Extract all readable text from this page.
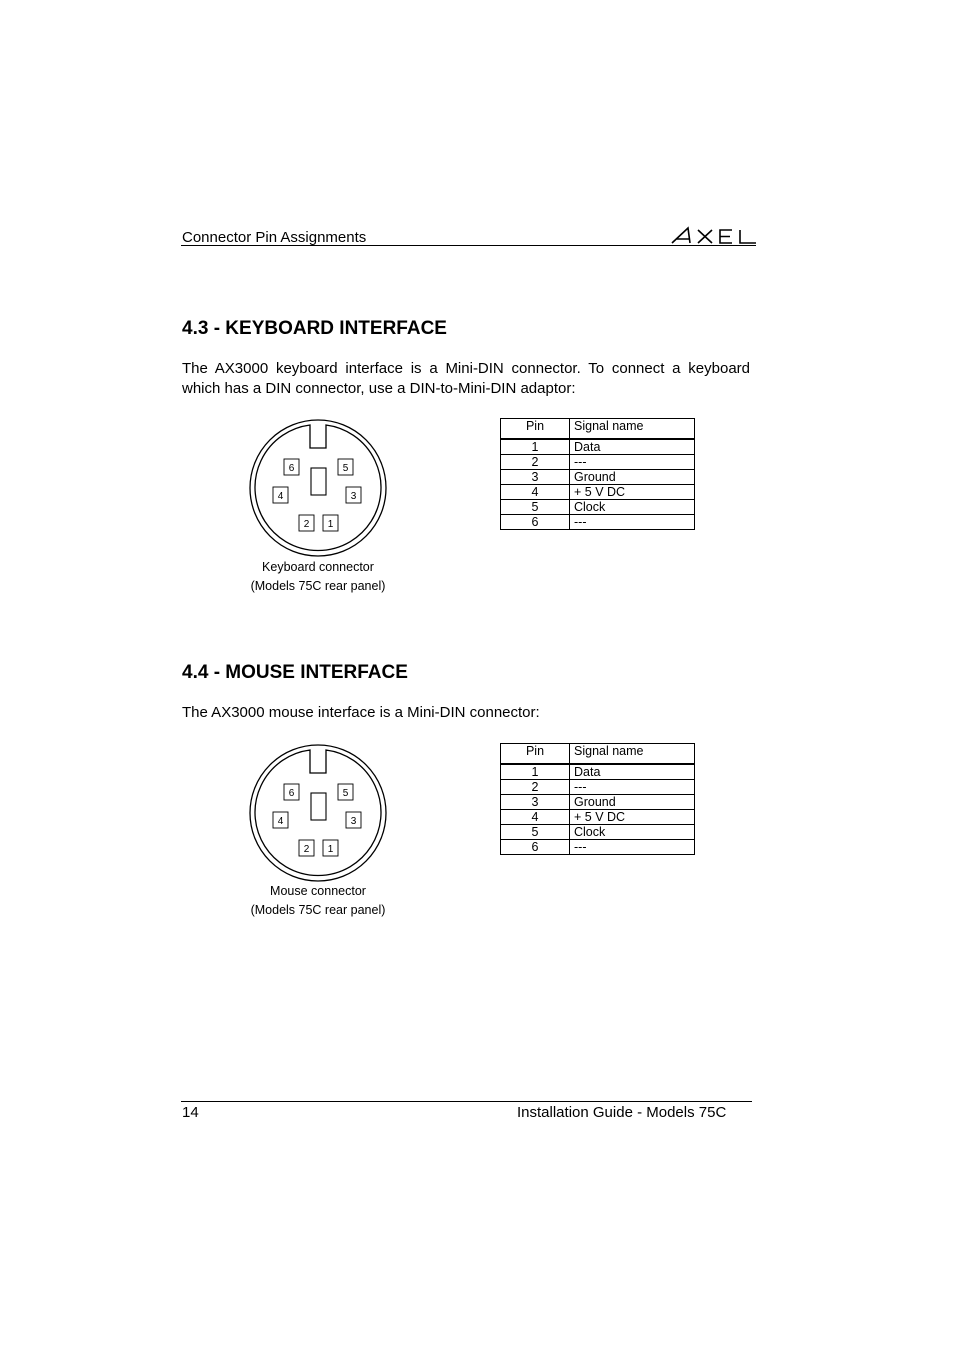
Connector Pin Assignments
4.3 - KEYBOARD INTERFACE
The AX3000 keyboard interface is a Mini-DIN connector. To connect a keyboard which has a DIN connector, use a DIN-to-Mini-DIN adaptor:
6	5
4	3
2 1
Keyboard connector
(Models 75C rear panel)
Pin	Signal name
1	Data
2	---
3	Ground
4	+ 5 V DC
5	Clock
6	---
4.4 - MOUSE INTERFACE
The AX3000 mouse interface is a Mini-DIN connector:
6	5
4	3
2 1
Mouse connector
(Models 75C rear panel)
Pin	Signal name
1	Data
2	---
3	Ground
4	+ 5 V DC
5	Clock
6	---
14	Installation Guide - Models 75C
